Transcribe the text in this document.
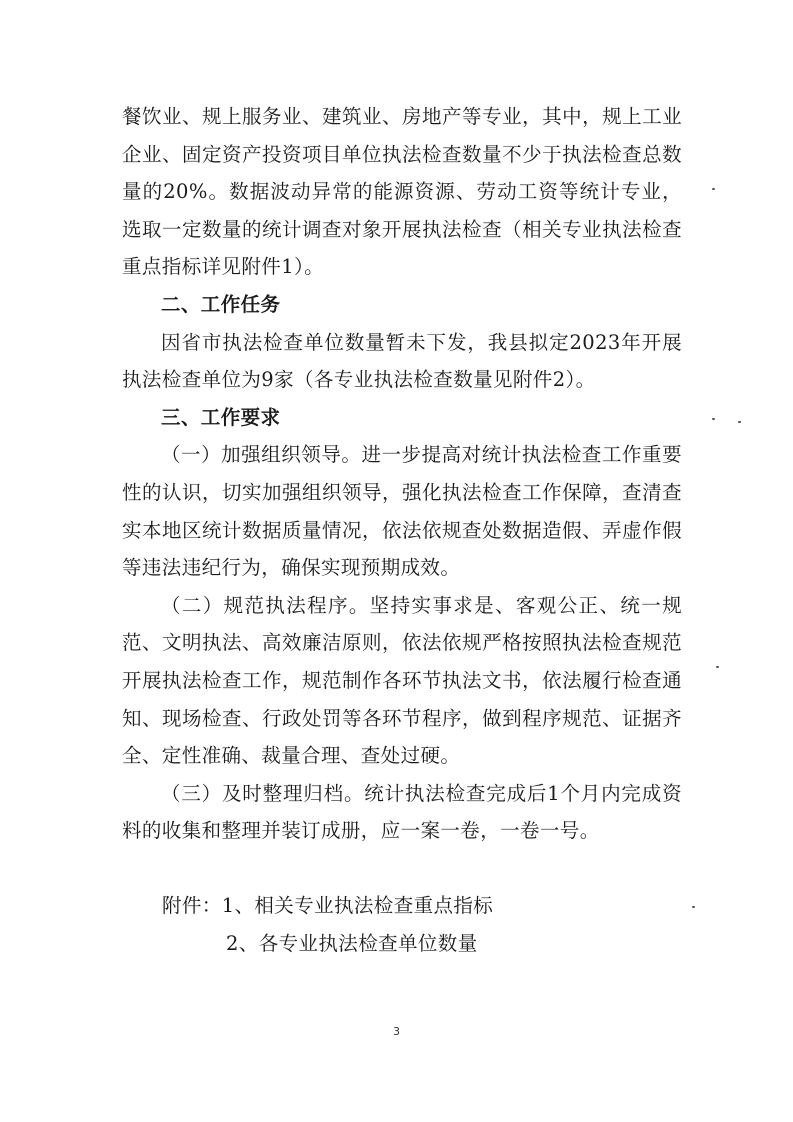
餐饮业、规上服务业、建筑业、房地产等专业，其中，规上工业企业、固定资产投资项目单位执法检查数量不少于执法检查总数量的20%。数据波动异常的能源资源、劳动工资等统计专业，选取一定数量的统计调查对象开展执法检查（相关专业执法检查重点指标详见附件1）。

二、工作任务

因省市执法检查单位数量暂未下发，我县拟定2023年开展执法检查单位为9家（各专业执法检查数量见附件2）。

三、工作要求

（一）加强组织领导。进一步提高对统计执法检查工作重要性的认识，切实加强组织领导，强化执法检查工作保障，查清查实本地区统计数据质量情况，依法依规查处数据造假、弄虚作假等违法违纪行为，确保实现预期成效。

（二）规范执法程序。坚持实事求是、客观公正、统一规范、文明执法、高效廉洁原则，依法依规严格按照执法检查规范开展执法检查工作，规范制作各环节执法文书，依法履行检查通知、现场检查、行政处罚等各环节程序，做到程序规范、证据齐全、定性准确、裁量合理、查处过硬。

（三）及时整理归档。统计执法检查完成后1个月内完成资料的收集和整理并装订成册，应一案一卷，一卷一号。

附件： 1、相关专业执法检查重点指标
2、各专业执法检查单位数量
3
